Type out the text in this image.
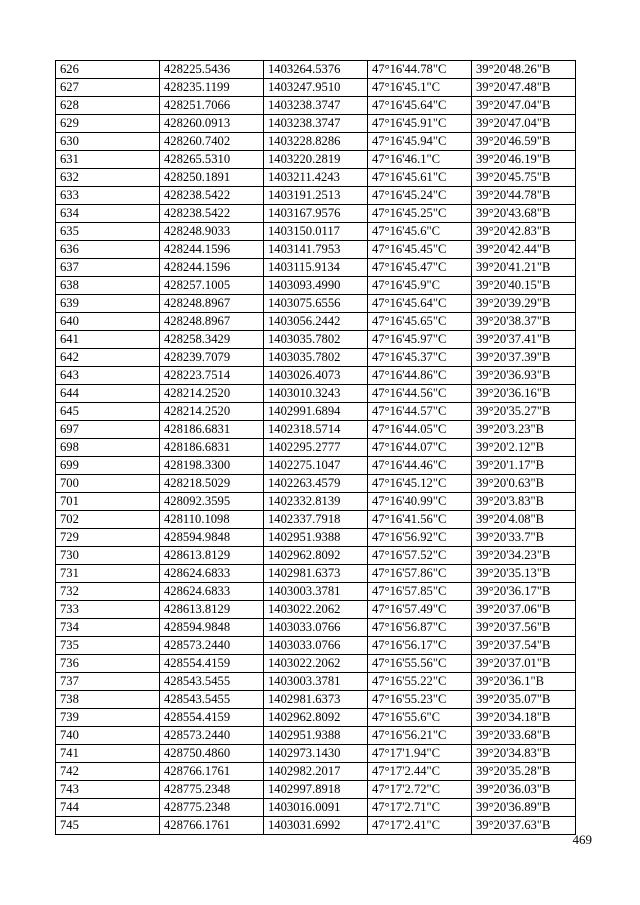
626	428225.5436	1403264.5376	47°16'44.78"С	39°20'48.26"В
627	428235.1199	1403247.9510	47°16'45.1"С	39°20'47.48"В
628	428251.7066	1403238.3747	47°16'45.64"С	39°20'47.04"В
629	428260.0913	1403238.3747	47°16'45.91"С	39°20'47.04"В
630	428260.7402	1403228.8286	47°16'45.94"С	39°20'46.59"В
631	428265.5310	1403220.2819	47°16'46.1"С	39°20'46.19"В
632	428250.1891	1403211.4243	47°16'45.61"С	39°20'45.75"В
633	428238.5422	1403191.2513	47°16'45.24"С	39°20'44.78"В
634	428238.5422	1403167.9576	47°16'45.25"С	39°20'43.68"В
635	428248.9033	1403150.0117	47°16'45.6"С	39°20'42.83"В
636	428244.1596	1403141.7953	47°16'45.45"С	39°20'42.44"В
637	428244.1596	1403115.9134	47°16'45.47"С	39°20'41.21"В
638	428257.1005	1403093.4990	47°16'45.9"С	39°20'40.15"В
639	428248.8967	1403075.6556	47°16'45.64"С	39°20'39.29"В
640	428248.8967	1403056.2442	47°16'45.65"С	39°20'38.37"В
641	428258.3429	1403035.7802	47°16'45.97"С	39°20'37.41"В
642	428239.7079	1403035.7802	47°16'45.37"С	39°20'37.39"В
643	428223.7514	1403026.4073	47°16'44.86"С	39°20'36.93"В
644	428214.2520	1403010.3243	47°16'44.56"С	39°20'36.16"В
645	428214.2520	1402991.6894	47°16'44.57"С	39°20'35.27"В
697	428186.6831	1402318.5714	47°16'44.05"С	39°20'3.23"В
698	428186.6831	1402295.2777	47°16'44.07"С	39°20'2.12"В
699	428198.3300	1402275.1047	47°16'44.46"С	39°20'1.17"В
700	428218.5029	1402263.4579	47°16'45.12"С	39°20'0.63"В
701	428092.3595	1402332.8139	47°16'40.99"С	39°20'3.83"В
702	428110.1098	1402337.7918	47°16'41.56"С	39°20'4.08"В
729	428594.9848	1402951.9388	47°16'56.92"С	39°20'33.7"В
730	428613.8129	1402962.8092	47°16'57.52"С	39°20'34.23"В
731	428624.6833	1402981.6373	47°16'57.86"С	39°20'35.13"В
732	428624.6833	1403003.3781	47°16'57.85"С	39°20'36.17"В
733	428613.8129	1403022.2062	47°16'57.49"С	39°20'37.06"В
734	428594.9848	1403033.0766	47°16'56.87"С	39°20'37.56"В
735	428573.2440	1403033.0766	47°16'56.17"С	39°20'37.54"В
736	428554.4159	1403022.2062	47°16'55.56"С	39°20'37.01"В
737	428543.5455	1403003.3781	47°16'55.22"С	39°20'36.1"В
738	428543.5455	1402981.6373	47°16'55.23"С	39°20'35.07"В
739	428554.4159	1402962.8092	47°16'55.6"С	39°20'34.18"В
740	428573.2440	1402951.9388	47°16'56.21"С	39°20'33.68"В
741	428750.4860	1402973.1430	47°17'1.94"С	39°20'34.83"В
742	428766.1761	1402982.2017	47°17'2.44"С	39°20'35.28"В
743	428775.2348	1402997.8918	47°17'2.72"С	39°20'36.03"В
744	428775.2348	1403016.0091	47°17'2.71"С	39°20'36.89"В
745	428766.1761	1403031.6992	47°17'2.41"С	39°20'37.63"В
469
